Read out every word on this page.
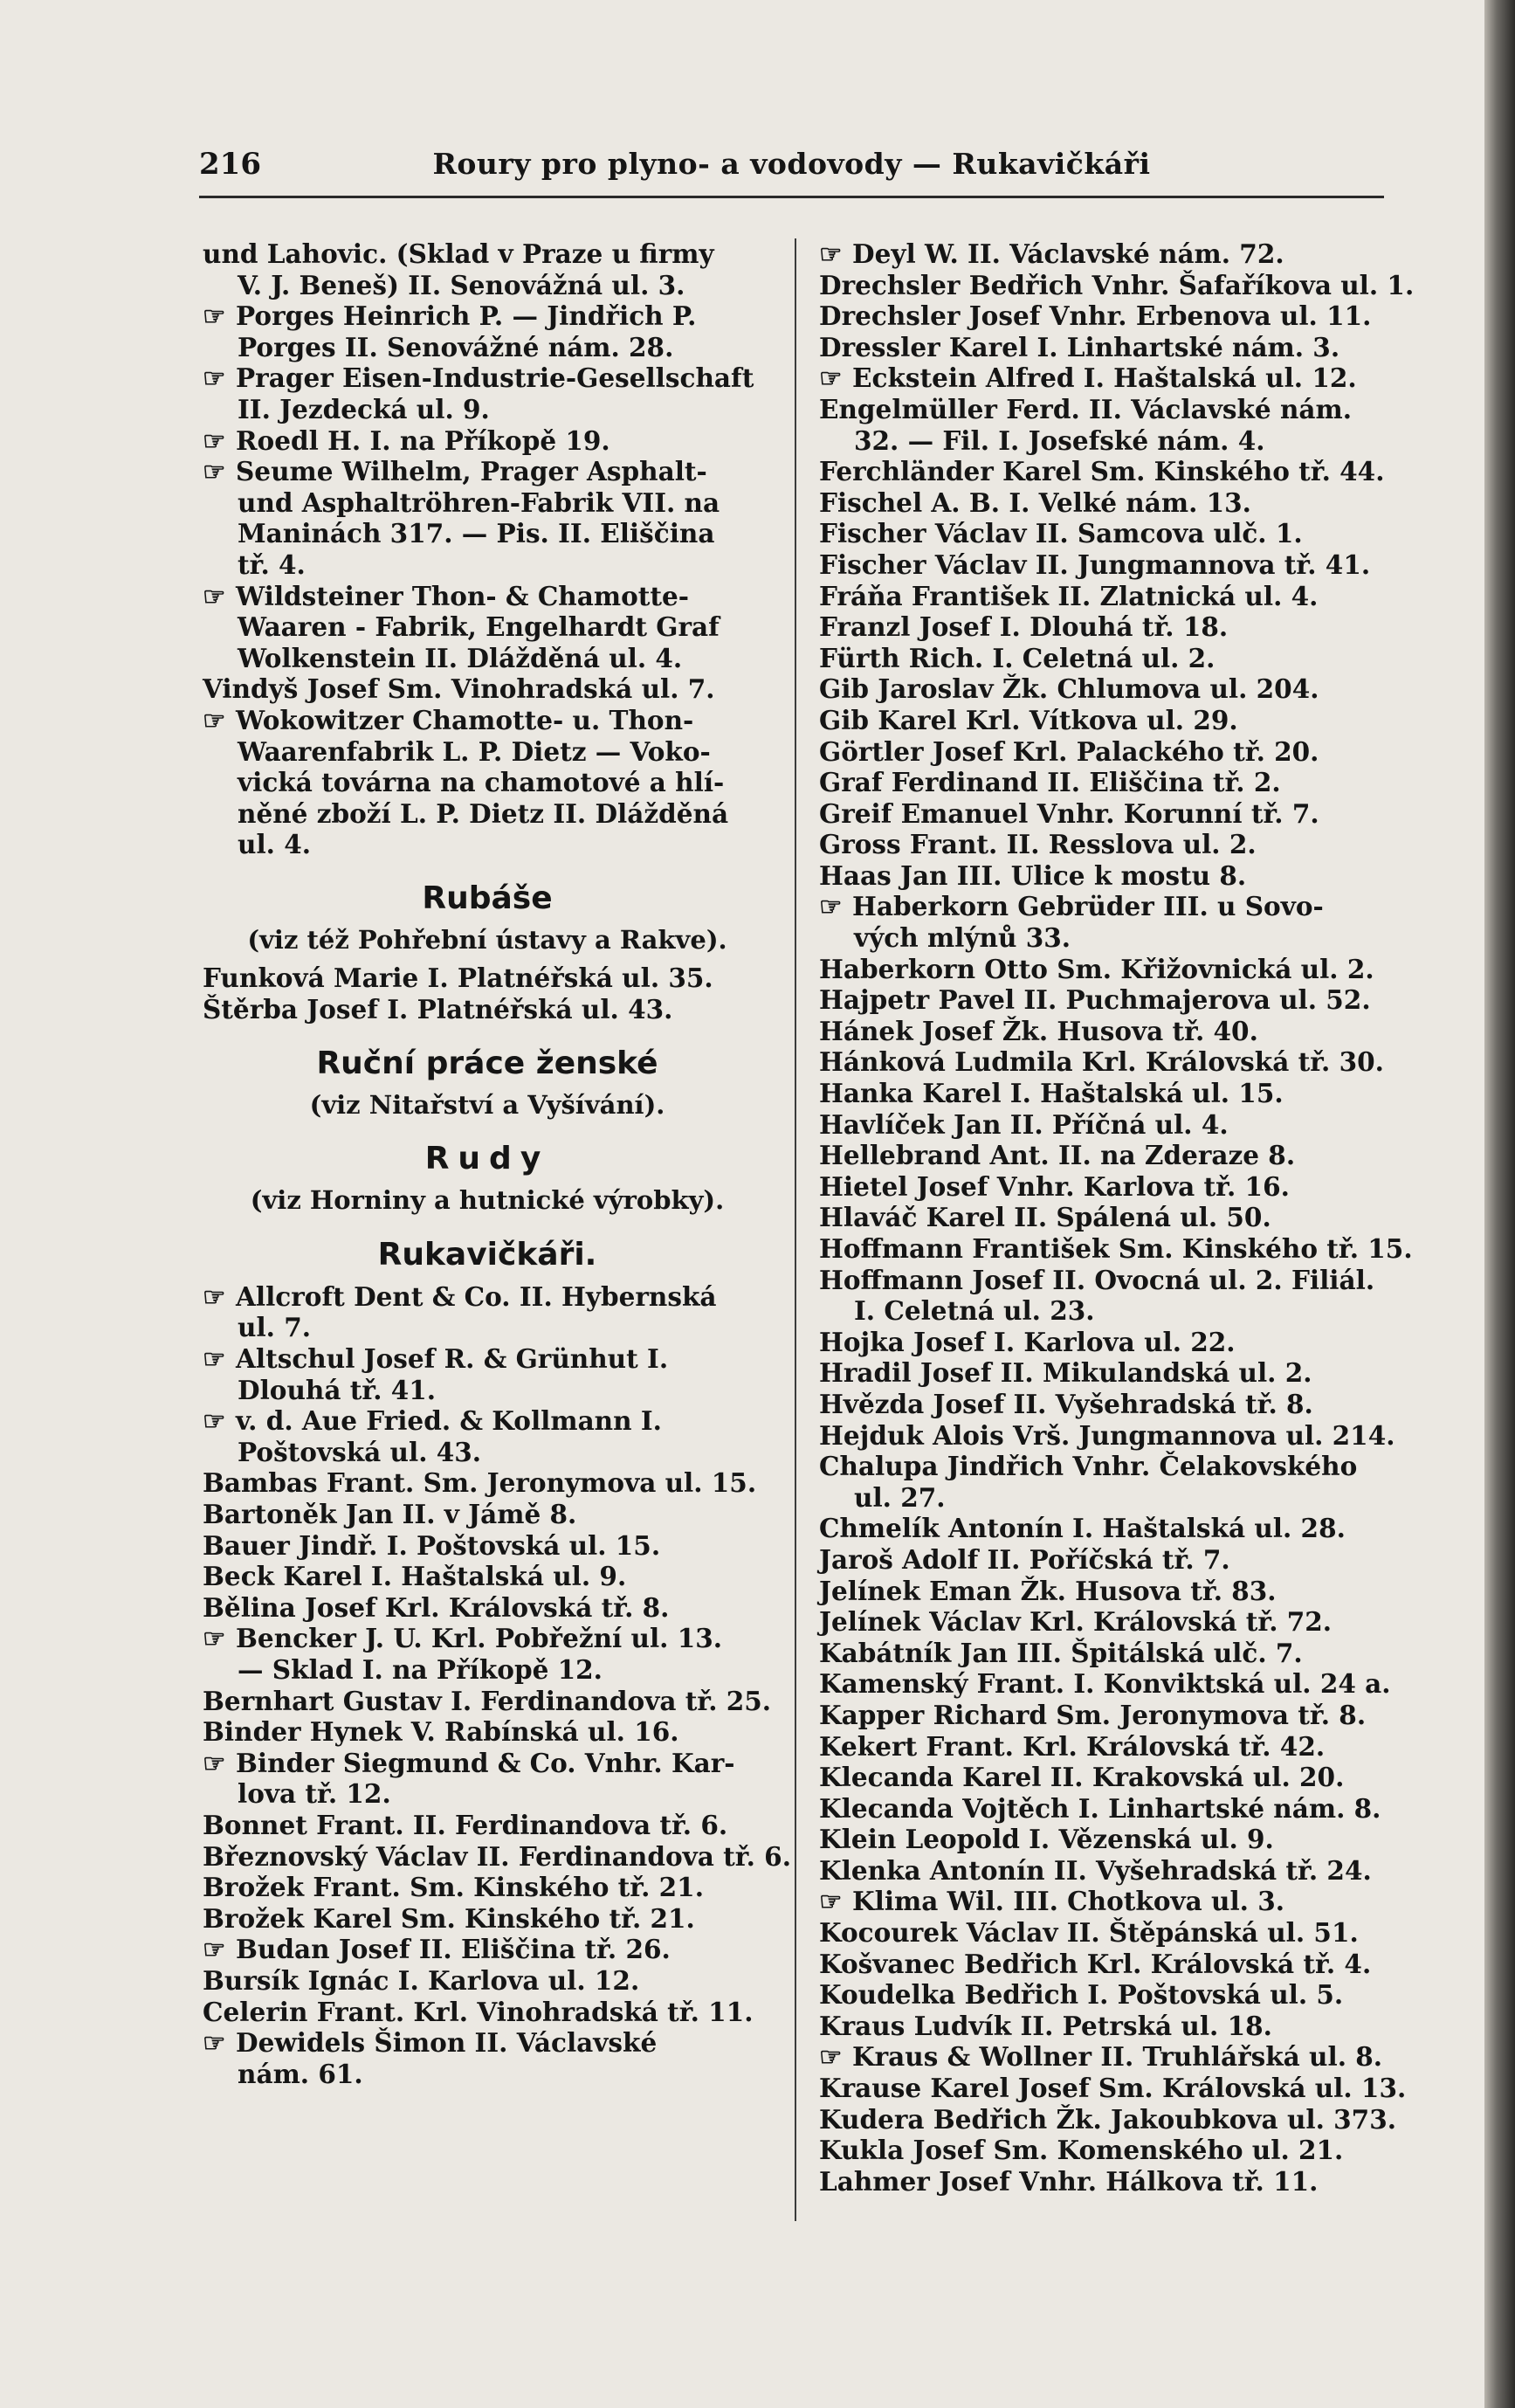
216	Roury pro plyno- a vodovody — Rukavičkáři
und Lahovic. (Sklad v Praze u firmy
V. J. Beneš) II. Senovážná ul. 3.
☞ Porges Heinrich P. — Jindřich P.
Porges II. Senovážné nám. 28.
☞ Prager Eisen-Industrie-Gesellschaft
II. Jezdecká ul. 9.
☞ Roedl H. I. na Příkopě 19.
☞ Seume Wilhelm, Prager Asphalt-
und Asphaltröhren-Fabrik VII. na
Maninách 317. — Pis. II. Eliščina
tř. 4.
☞ Wildsteiner Thon- & Chamotte-
Waaren - Fabrik, Engelhardt Graf
Wolkenstein II. Dlážděná ul. 4.
Vindyš Josef Sm. Vinohradská ul. 7.
☞ Wokowitzer Chamotte- u. Thon-
Waarenfabrik L. P. Dietz — Voko-
vická továrna na chamotové a hlí-
něné zboží L. P. Dietz II. Dlážděná
ul. 4.
Rubáše
(viz též Pohřební ústavy a Rakve).
Funková Marie I. Platnéřská ul. 35.
Štěrba Josef I. Platnéřská ul. 43.
Ruční práce ženské
(viz Nitařství a Vyšívání).
Rudy
(viz Horniny a hutnické výrobky).
Rukavičkáři.
☞ Allcroft Dent & Co. II. Hybernská
ul. 7.
☞ Altschul Josef R. & Grünhut I.
Dlouhá tř. 41.
☞ v. d. Aue Fried. & Kollmann I.
Poštovská ul. 43.
Bambas Frant. Sm. Jeronymova ul. 15.
Bartoněk Jan II. v Jámě 8.
Bauer Jindř. I. Poštovská ul. 15.
Beck Karel I. Haštalská ul. 9.
Bělina Josef Krl. Královská tř. 8.
☞ Bencker J. U. Krl. Pobřežní ul. 13.
— Sklad I. na Příkopě 12.
Bernhart Gustav I. Ferdinandova tř. 25.
Binder Hynek V. Rabínská ul. 16.
☞ Binder Siegmund & Co. Vnhr. Kar-
lova tř. 12.
Bonnet Frant. II. Ferdinandova tř. 6.
Březnovský Václav II. Ferdinandova tř. 6.
Brožek Frant. Sm. Kinského tř. 21.
Brožek Karel Sm. Kinského tř. 21.
☞ Budan Josef II. Eliščina tř. 26.
Bursík Ignác I. Karlova ul. 12.
Celerin Frant. Krl. Vinohradská tř. 11.
☞ Dewidels Šimon II. Václavské
nám. 61.
☞ Deyl W. II. Václavské nám. 72.
Drechsler Bedřich Vnhr. Šafaříkova ul. 1.
Drechsler Josef Vnhr. Erbenova ul. 11.
Dressler Karel I. Linhartské nám. 3.
☞ Eckstein Alfred I. Haštalská ul. 12.
Engelmüller Ferd. II. Václavské nám.
32. — Fil. I. Josefské nám. 4.
Ferchländer Karel Sm. Kinského tř. 44.
Fischel A. B. I. Velké nám. 13.
Fischer Václav II. Samcova ulč. 1.
Fischer Václav II. Jungmannova tř. 41.
Fráňa František II. Zlatnická ul. 4.
Franzl Josef I. Dlouhá tř. 18.
Fürth Rich. I. Celetná ul. 2.
Gib Jaroslav Žk. Chlumova ul. 204.
Gib Karel Krl. Vítkova ul. 29.
Görtler Josef Krl. Palackého tř. 20.
Graf Ferdinand II. Eliščina tř. 2.
Greif Emanuel Vnhr. Korunní tř. 7.
Gross Frant. II. Resslova ul. 2.
Haas Jan III. Ulice k mostu 8.
☞ Haberkorn Gebrüder III. u Sovo-
vých mlýnů 33.
Haberkorn Otto Sm. Křižovnická ul. 2.
Hajpetr Pavel II. Puchmajerova ul. 52.
Hánek Josef Žk. Husova tř. 40.
Hánková Ludmila Krl. Královská tř. 30.
Hanka Karel I. Haštalská ul. 15.
Havlíček Jan II. Příčná ul. 4.
Hellebrand Ant. II. na Zderaze 8.
Hietel Josef Vnhr. Karlova tř. 16.
Hlaváč Karel II. Spálená ul. 50.
Hoffmann František Sm. Kinského tř. 15.
Hoffmann Josef II. Ovocná ul. 2. Filiál.
I. Celetná ul. 23.
Hojka Josef I. Karlova ul. 22.
Hradil Josef II. Mikulandská ul. 2.
Hvězda Josef II. Vyšehradská tř. 8.
Hejduk Alois Vrš. Jungmannova ul. 214.
Chalupa Jindřich Vnhr. Čelakovského
ul. 27.
Chmelík Antonín I. Haštalská ul. 28.
Jaroš Adolf II. Poříčská tř. 7.
Jelínek Eman Žk. Husova tř. 83.
Jelínek Václav Krl. Královská tř. 72.
Kabátník Jan III. Špitálská ulč. 7.
Kamenský Frant. I. Konviktská ul. 24 a.
Kapper Richard Sm. Jeronymova tř. 8.
Kekert Frant. Krl. Královská tř. 42.
Klecanda Karel II. Krakovská ul. 20.
Klecanda Vojtěch I. Linhartské nám. 8.
Klein Leopold I. Vězenská ul. 9.
Klenka Antonín II. Vyšehradská tř. 24.
☞ Klima Wil. III. Chotkova ul. 3.
Kocourek Václav II. Štěpánská ul. 51.
Košvanec Bedřich Krl. Královská tř. 4.
Koudelka Bedřich I. Poštovská ul. 5.
Kraus Ludvík II. Petrská ul. 18.
☞ Kraus & Wollner II. Truhlářská ul. 8.
Krause Karel Josef Sm. Královská ul. 13.
Kudera Bedřich Žk. Jakoubkova ul. 373.
Kukla Josef Sm. Komenského ul. 21.
Lahmer Josef Vnhr. Hálkova tř. 11.
